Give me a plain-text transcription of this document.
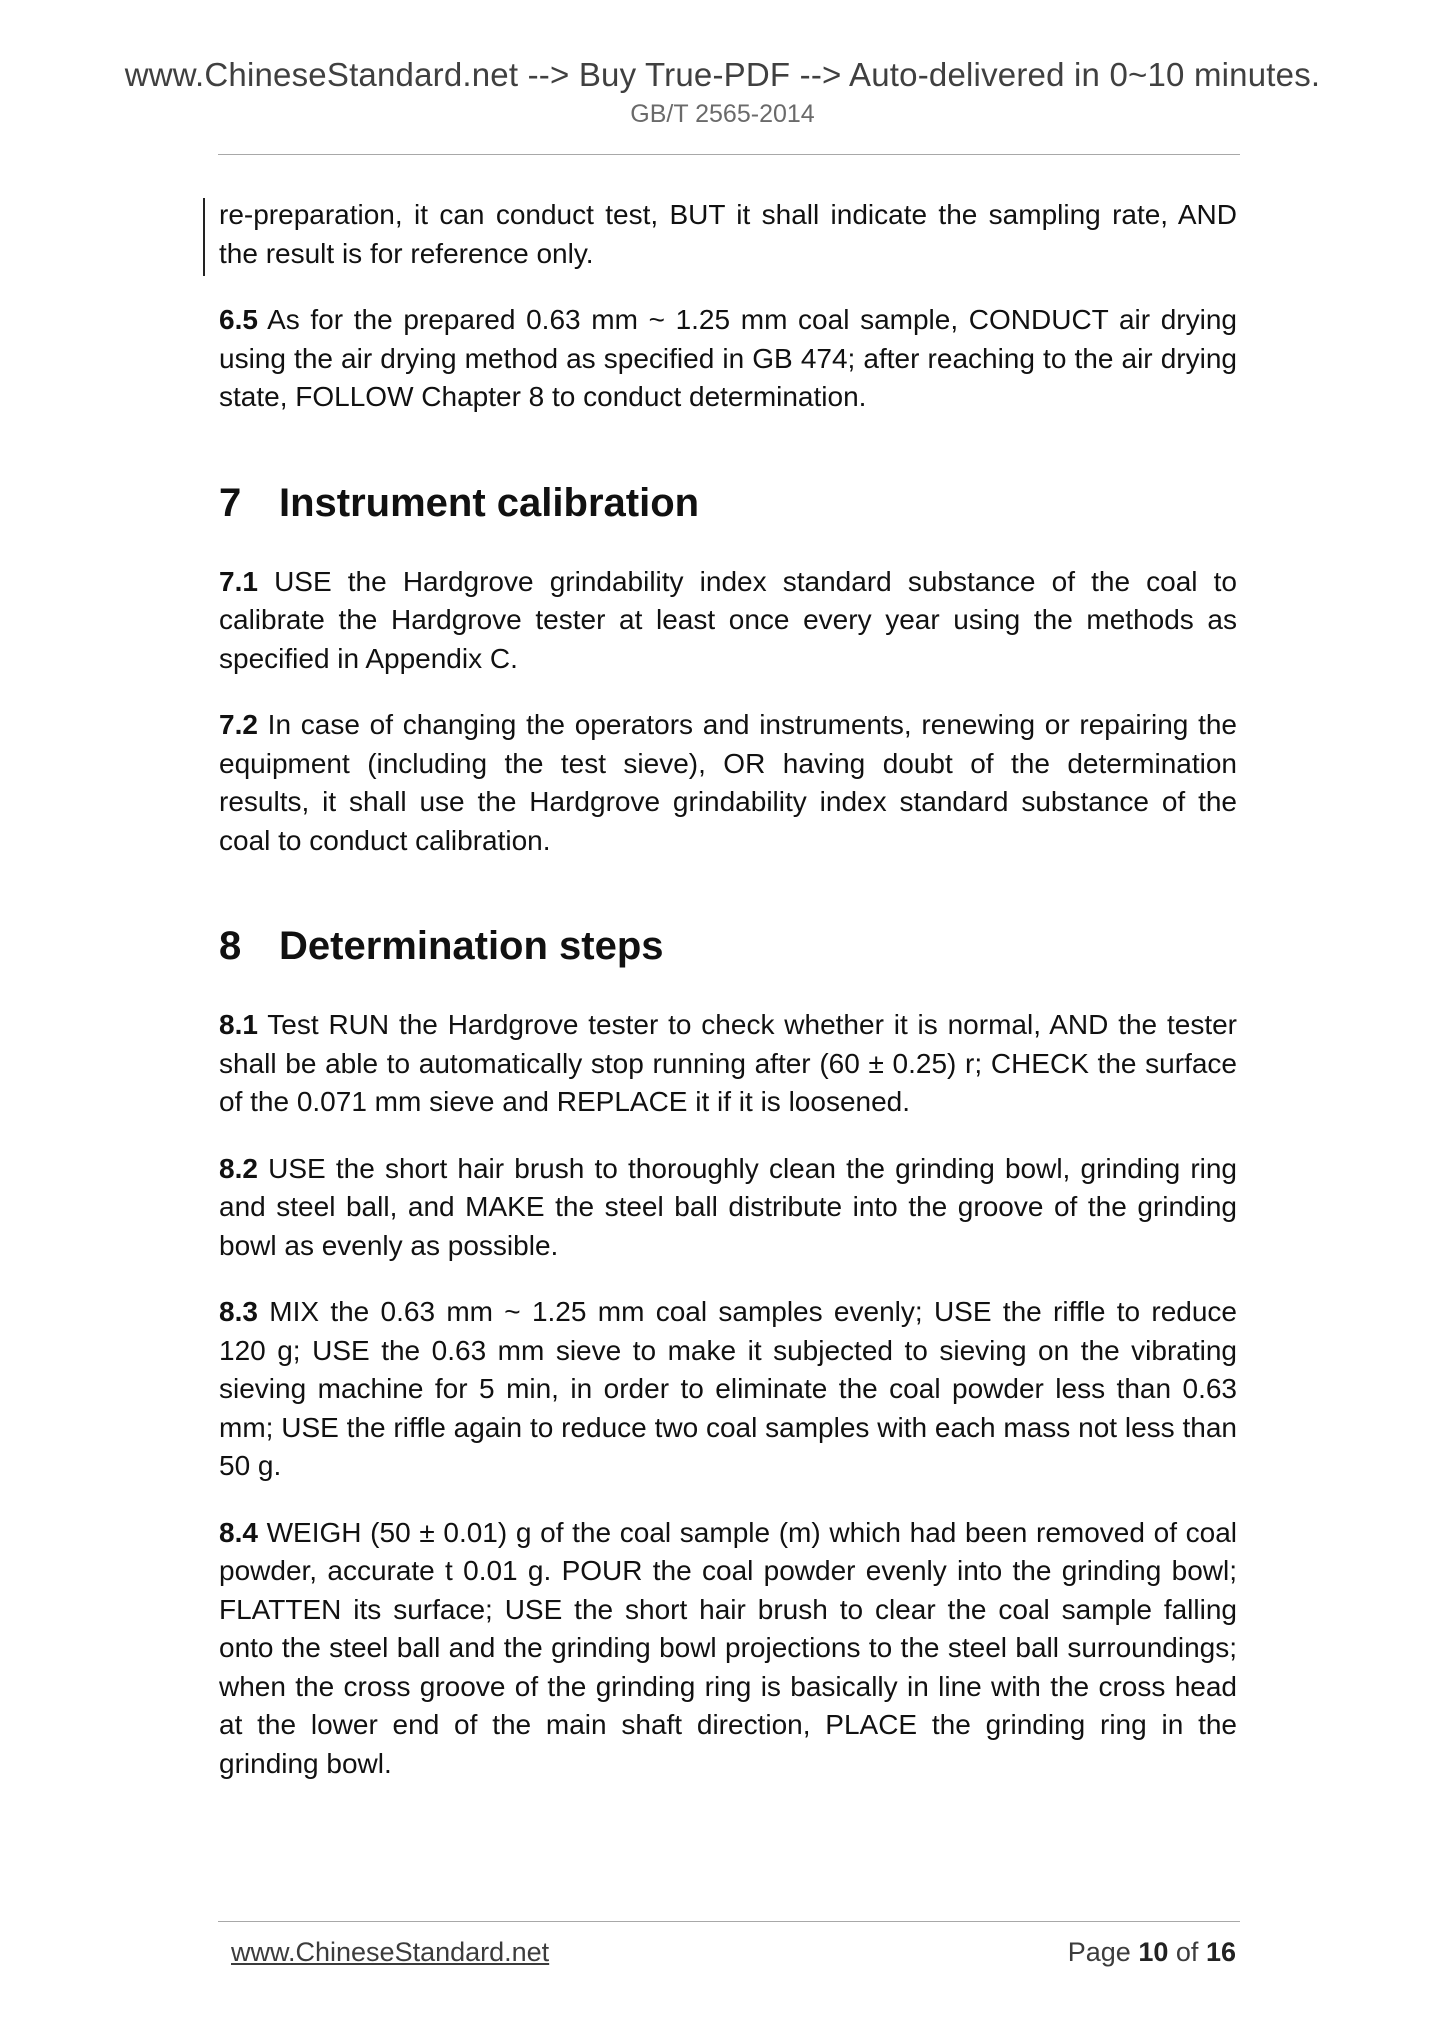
www.ChineseStandard.net --> Buy True-PDF --> Auto-delivered in 0~10 minutes.
GB/T 2565-2014

re-preparation, it can conduct test, BUT it shall indicate the sampling rate, AND the result is for reference only.

6.5 As for the prepared 0.63 mm ~ 1.25 mm coal sample, CONDUCT air drying using the air drying method as specified in GB 474; after reaching to the air drying state, FOLLOW Chapter 8 to conduct determination.

7 Instrument calibration

7.1 USE the Hardgrove grindability index standard substance of the coal to calibrate the Hardgrove tester at least once every year using the methods as specified in Appendix C.

7.2 In case of changing the operators and instruments, renewing or repairing the equipment (including the test sieve), OR having doubt of the determination results, it shall use the Hardgrove grindability index standard substance of the coal to conduct calibration.

8 Determination steps

8.1 Test RUN the Hardgrove tester to check whether it is normal, AND the tester shall be able to automatically stop running after (60 ± 0.25) r; CHECK the surface of the 0.071 mm sieve and REPLACE it if it is loosened.

8.2 USE the short hair brush to thoroughly clean the grinding bowl, grinding ring and steel ball, and MAKE the steel ball distribute into the groove of the grinding bowl as evenly as possible.

8.3 MIX the 0.63 mm ~ 1.25 mm coal samples evenly; USE the riffle to reduce 120 g; USE the 0.63 mm sieve to make it subjected to sieving on the vibrating sieving machine for 5 min, in order to eliminate the coal powder less than 0.63 mm; USE the riffle again to reduce two coal samples with each mass not less than 50 g.

8.4 WEIGH (50 ± 0.01) g of the coal sample (m) which had been removed of coal powder, accurate t 0.01 g. POUR the coal powder evenly into the grinding bowl; FLATTEN its surface; USE the short hair brush to clear the coal sample falling onto the steel ball and the grinding bowl projections to the steel ball surroundings; when the cross groove of the grinding ring is basically in line with the cross head at the lower end of the main shaft direction, PLACE the grinding ring in the grinding bowl.

www.ChineseStandard.net	Page 10 of 16
